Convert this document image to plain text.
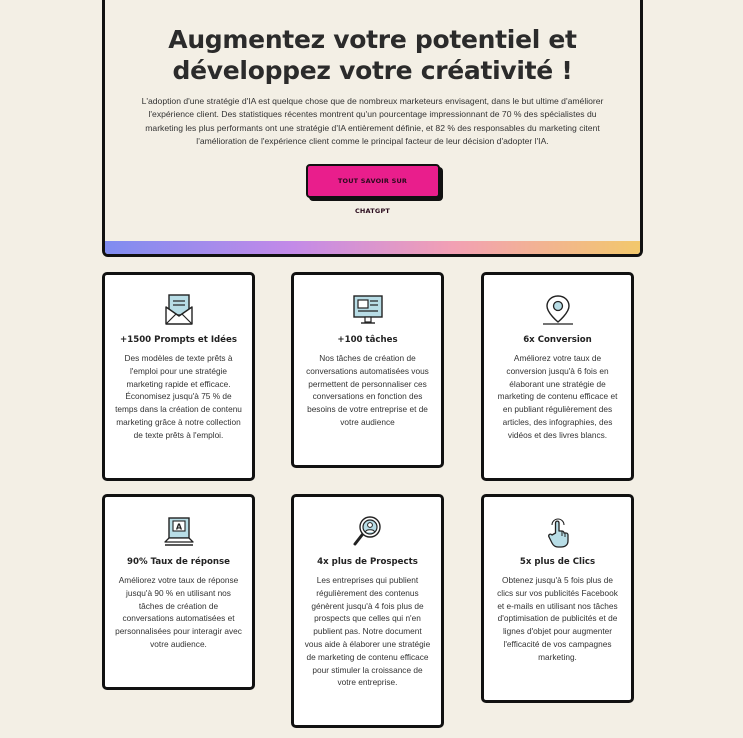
Augmentez votre potentiel et développez votre créativité !
L'adoption d'une stratégie d'IA est quelque chose que de nombreux marketeurs envisagent, dans le but ultime d'améliorer l'expérience client. Des statistiques récentes montrent qu'un pourcentage impressionnant de 70 % des spécialistes du marketing les plus performants ont une stratégie d'IA entièrement définie, et 82 % des responsables du marketing citent l'amélioration de l'expérience client comme le principal facteur de leur décision d'adopter l'IA.
TOUT SAVOIR SUR CHATGPT
+1500 Prompts et Idées
Des modèles de texte prêts à l'emploi pour une stratégie marketing rapide et efficace. Économisez jusqu'à 75 % de temps dans la création de contenu marketing grâce à notre collection de texte prêts à l'emploi.
+100 tâches
Nos tâches de création de conversations automatisées vous permettent de personnaliser ces conversations en fonction des besoins de votre entreprise et de votre audience
6x Conversion
Améliorez votre taux de conversion jusqu'à 6 fois en élaborant une stratégie de marketing de contenu efficace et en publiant régulièrement des articles, des infographies, des vidéos et des livres blancs.
A
90% Taux de réponse
Améliorez votre taux de réponse jusqu'à 90 % en utilisant nos tâches de création de conversations automatisées et personnalisées pour interagir avec votre audience.
4x plus de Prospects
Les entreprises qui publient régulièrement des contenus génèrent jusqu'à 4 fois plus de prospects que celles qui n'en publient pas. Notre document vous aide à élaborer une stratégie de marketing de contenu efficace pour stimuler la croissance de votre entreprise.
5x plus de Clics
Obtenez jusqu'à 5 fois plus de clics sur vos publicités Facebook et e-mails en utilisant nos tâches d'optimisation de publicités et de lignes d'objet pour augmenter l'efficacité de vos campagnes marketing.
